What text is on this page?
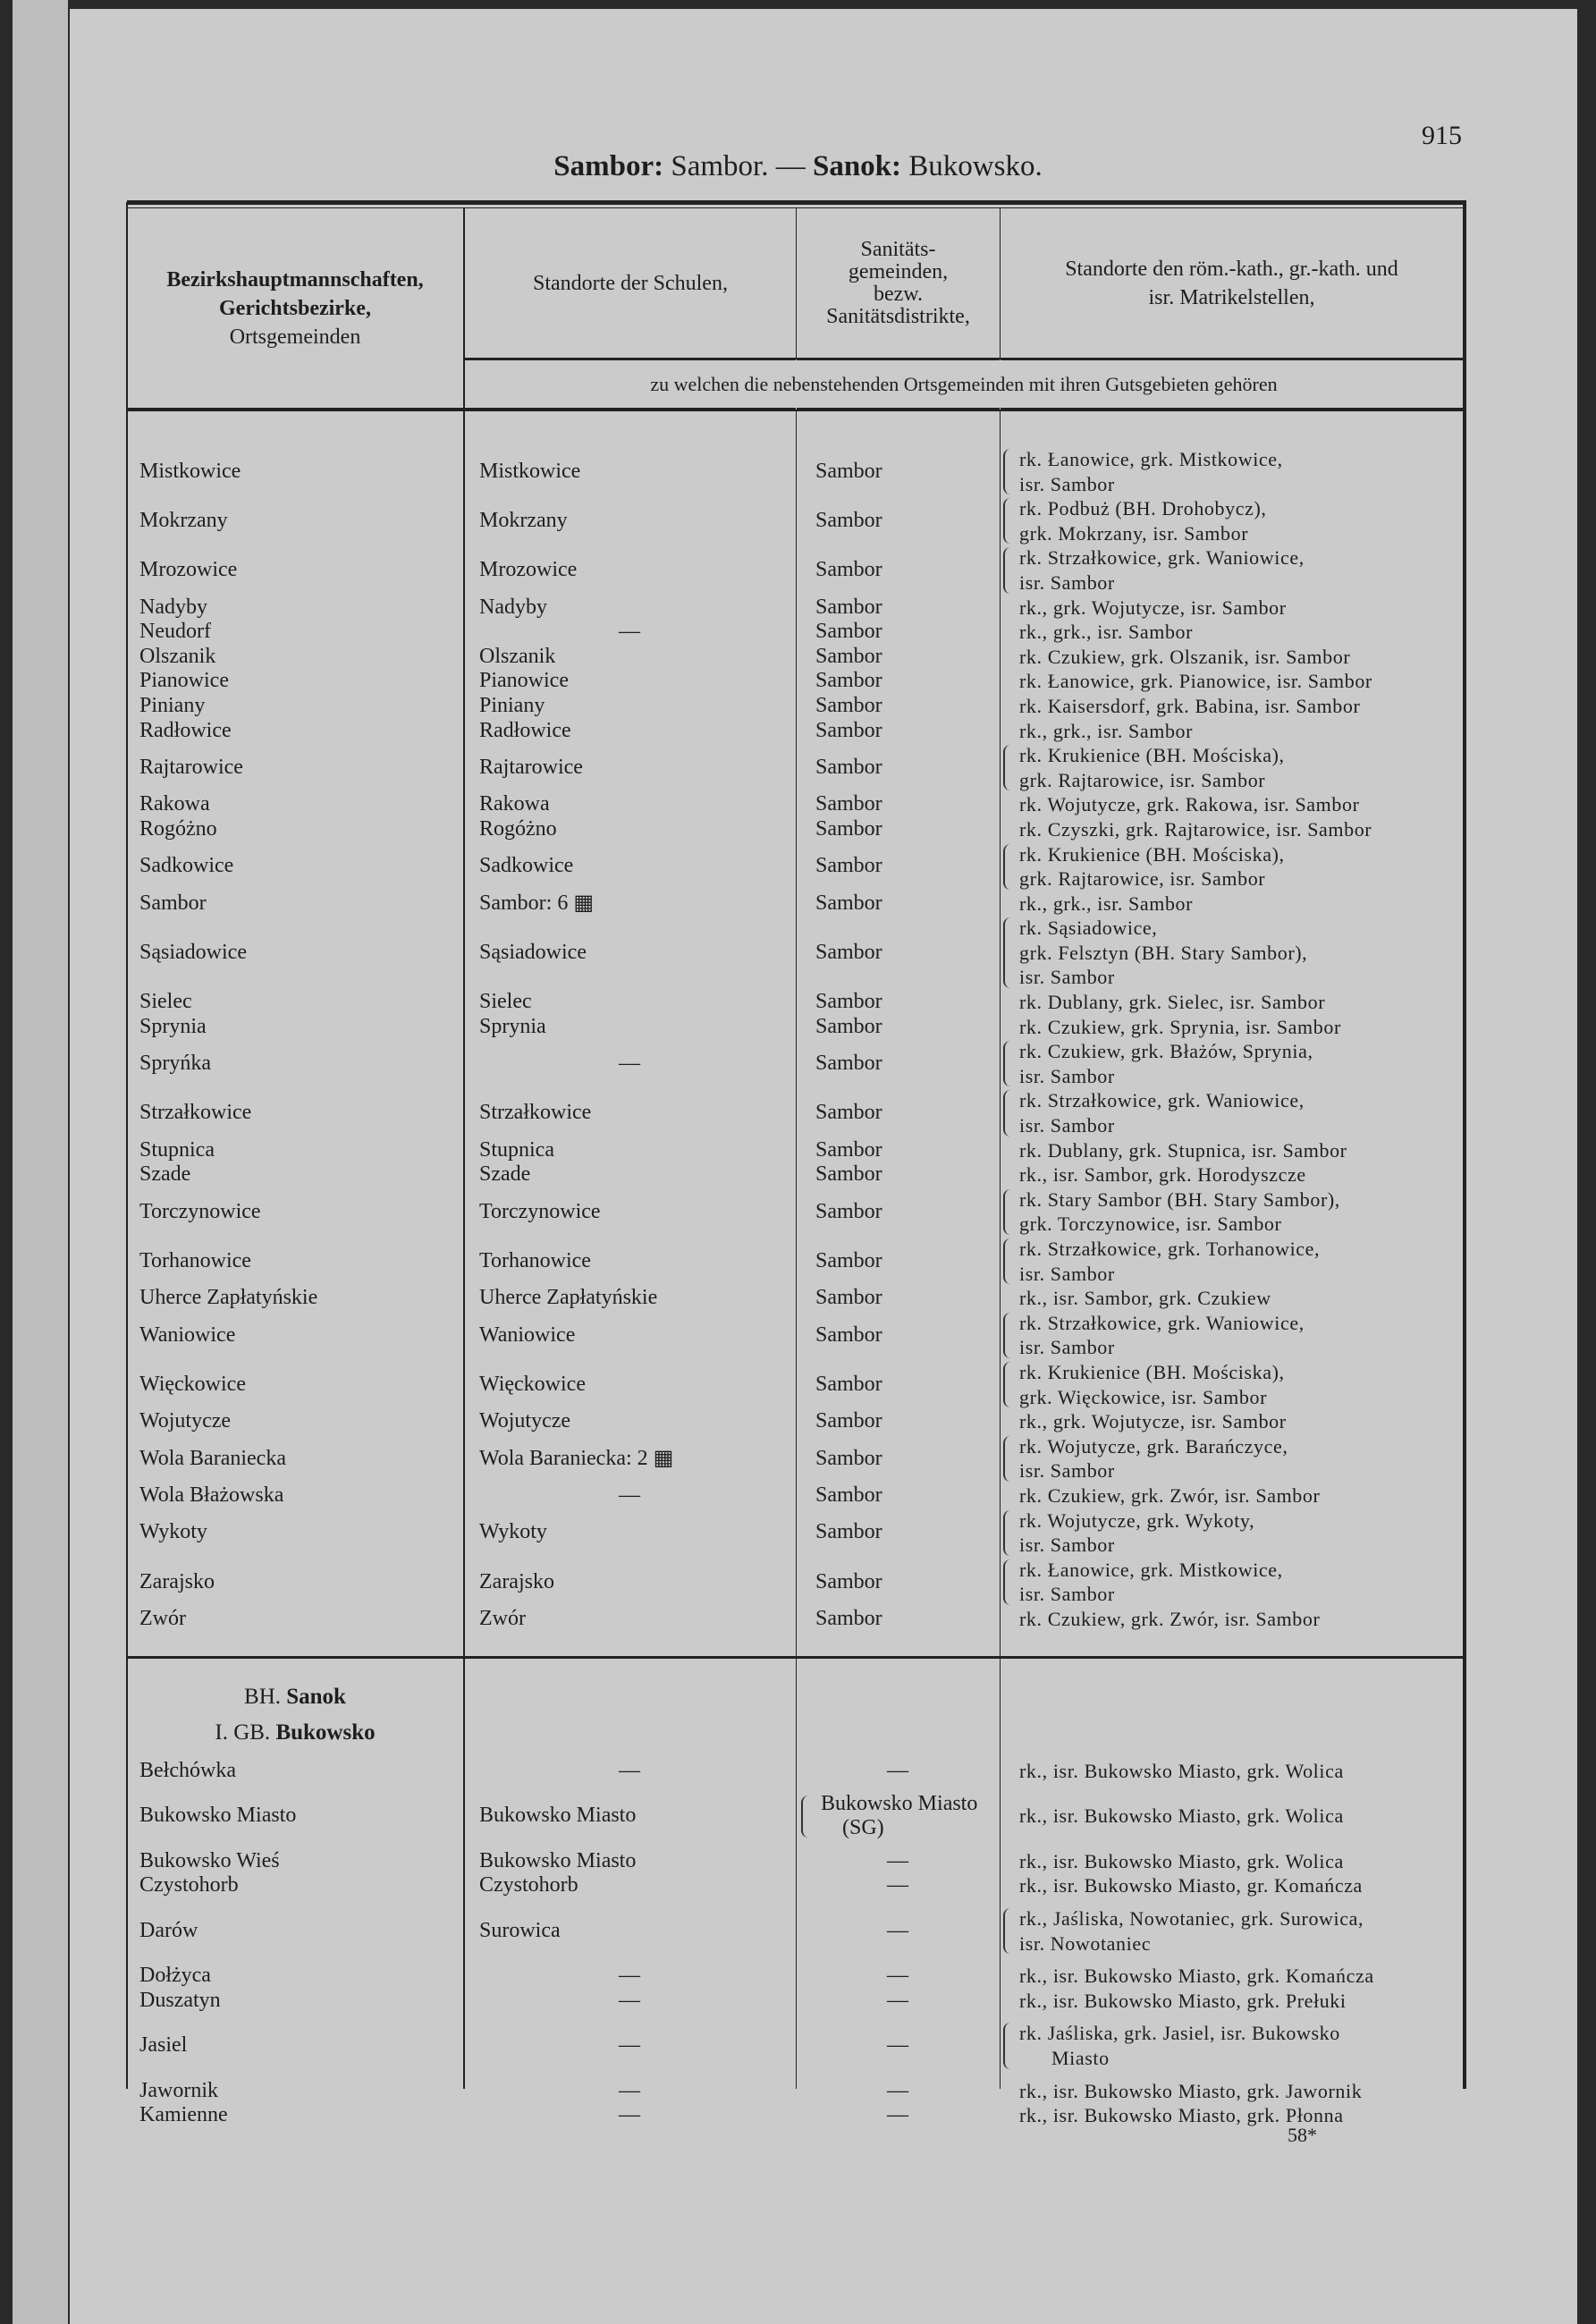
915
Sambor: Sambor. — Sanok: Bukowsko.
Bezirkshauptmannschaften,
Gerichtsbezirke,
Ortsgemeinden
Standorte der Schulen,
Sanitäts-
gemeinden,
bezw.
Sanitätsdistrikte,
Standorte den röm.-kath., gr.-kath. und
isr. Matrikelstellen,
zu welchen die nebenstehenden Ortsgemeinden mit ihren Gutsgebieten gehören
Mistkowice	Mistkowice	Sambor
rk. Łanowice, grk. Mistkowice,
isr. Sambor
Mokrzany	Mokrzany	Sambor
rk. Podbuż (BH. Drohobycz),
grk. Mokrzany, isr. Sambor
Mrozowice	Mrozowice	Sambor
rk. Strzałkowice, grk. Waniowice,
isr. Sambor
Nadyby	Nadyby	Sambor	rk., grk. Wojutycze, isr. Sambor
Neudorf	—	Sambor	rk., grk., isr. Sambor
Olszanik	Olszanik	Sambor	rk. Czukiew, grk. Olszanik, isr. Sambor
Pianowice	Pianowice	Sambor	rk. Łanowice, grk. Pianowice, isr. Sambor
Piniany	Piniany	Sambor	rk. Kaisersdorf, grk. Babina, isr. Sambor
Radłowice	Radłowice	Sambor	rk., grk., isr. Sambor
Rajtarowice	Rajtarowice	Sambor
rk. Krukienice (BH. Mościska),
grk. Rajtarowice, isr. Sambor
Rakowa	Rakowa	Sambor	rk. Wojutycze, grk. Rakowa, isr. Sambor
Rogóżno	Rogóżno	Sambor	rk. Czyszki, grk. Rajtarowice, isr. Sambor
Sadkowice	Sadkowice	Sambor
rk. Krukienice (BH. Mościska),
grk. Rajtarowice, isr. Sambor
Sambor	Sambor: 6 ▦	Sambor	rk., grk., isr. Sambor
Sąsiadowice	Sąsiadowice	Sambor
rk. Sąsiadowice,
grk. Felsztyn (BH. Stary Sambor),
isr. Sambor
Sielec	Sielec	Sambor	rk. Dublany, grk. Sielec, isr. Sambor
Sprynia	Sprynia	Sambor	rk. Czukiew, grk. Sprynia, isr. Sambor
Spryńka	—	Sambor
rk. Czukiew, grk. Błażów, Sprynia,
isr. Sambor
Strzałkowice	Strzałkowice	Sambor
rk. Strzałkowice, grk. Waniowice,
isr. Sambor
Stupnica	Stupnica	Sambor	rk. Dublany, grk. Stupnica, isr. Sambor
Szade	Szade	Sambor	rk., isr. Sambor, grk. Horodyszcze
Torczynowice	Torczynowice	Sambor
rk. Stary Sambor (BH. Stary Sambor),
grk. Torczynowice, isr. Sambor
Torhanowice	Torhanowice	Sambor
rk. Strzałkowice, grk. Torhanowice,
isr. Sambor
Uherce Zapłatyńskie	Uherce Zapłatyńskie	Sambor	rk., isr. Sambor, grk. Czukiew
Waniowice	Waniowice	Sambor
rk. Strzałkowice, grk. Waniowice,
isr. Sambor
Więckowice	Więckowice	Sambor
rk. Krukienice (BH. Mościska),
grk. Więckowice, isr. Sambor
Wojutycze	Wojutycze	Sambor	rk., grk. Wojutycze, isr. Sambor
Wola Baraniecka	Wola Baraniecka: 2 ▦	Sambor
rk. Wojutycze, grk. Barańczyce,
isr. Sambor
Wola Błażowska	—	Sambor	rk. Czukiew, grk. Zwór, isr. Sambor
Wykoty	Wykoty	Sambor
rk. Wojutycze, grk. Wykoty,
isr. Sambor
Zarajsko	Zarajsko	Sambor
rk. Łanowice, grk. Mistkowice,
isr. Sambor
Zwór	Zwór	Sambor	rk. Czukiew, grk. Zwór, isr. Sambor
BH. Sanok
I. GB. Bukowsko
Bełchówka	—	—	rk., isr. Bukowsko Miasto, grk. Wolica
Bukowsko Miasto	Bukowsko Miasto
Bukowsko Miasto
(SG)
rk., isr. Bukowsko Miasto, grk. Wolica
Bukowsko Wieś	Bukowsko Miasto	—	rk., isr. Bukowsko Miasto, grk. Wolica
Czystohorb	Czystohorb	—	rk., isr. Bukowsko Miasto, gr. Komańcza
Darów	Surowica	—
rk., Jaśliska, Nowotaniec, grk. Surowica,
isr. Nowotaniec
Dołżyca	—	—	rk., isr. Bukowsko Miasto, grk. Komańcza
Duszatyn	—	—	rk., isr. Bukowsko Miasto, grk. Prełuki
Jasiel	—	—
rk. Jaśliska, grk. Jasiel, isr. Bukowsko
Miasto
Jawornik	—	—	rk., isr. Bukowsko Miasto, grk. Jawornik
Kamienne	—	—	rk., isr. Bukowsko Miasto, grk. Płonna
58*
